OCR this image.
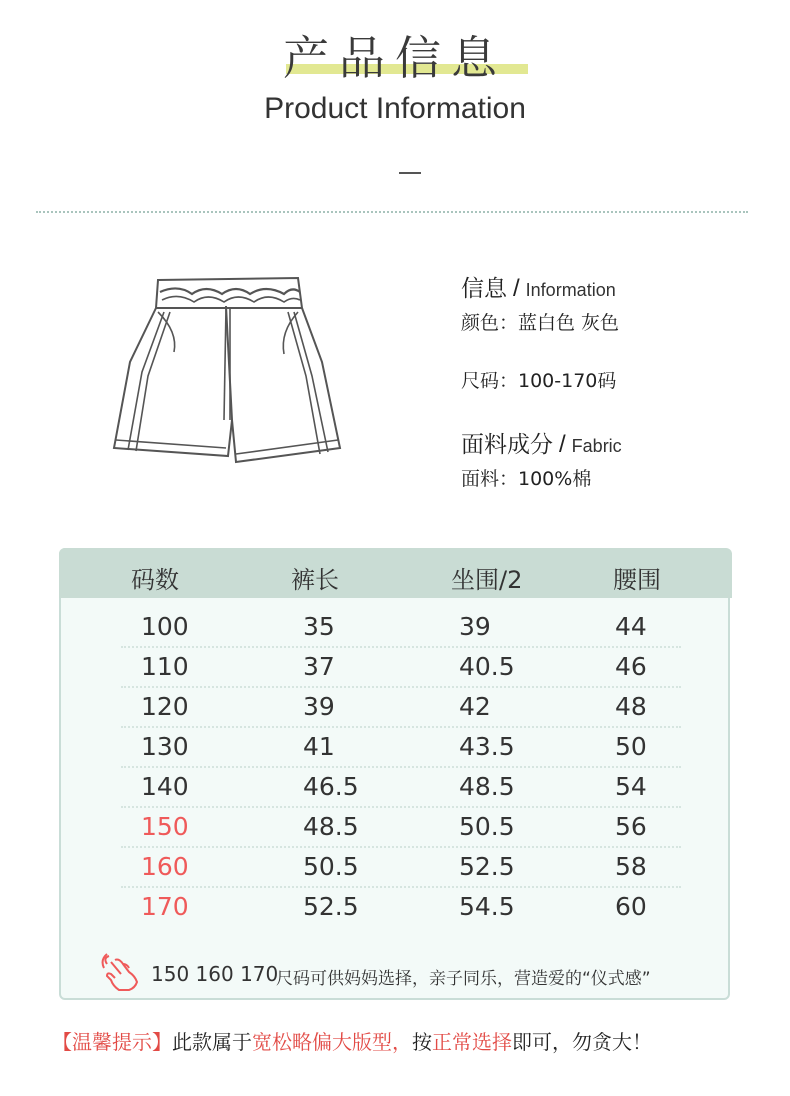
产品信息
Product Information
信息 / Information
颜色：蓝白色 灰色
尺码：100-170码
面料成分 / Fabric
面料：100%棉
码数	裤长	坐围/2	腰围
100	35	39	44
110	37	40.5	46
120	39	42	48
130	41	43.5	50
140	46.5	48.5	54
150	48.5	50.5	56
160	50.5	52.5	58
170	52.5	54.5	60
150 160 170
尺码可供妈妈选择，亲子同乐，营造爱的“仪式感”
【温馨提示】此款属于宽松略偏大版型，按正常选择即可，勿贪大！
